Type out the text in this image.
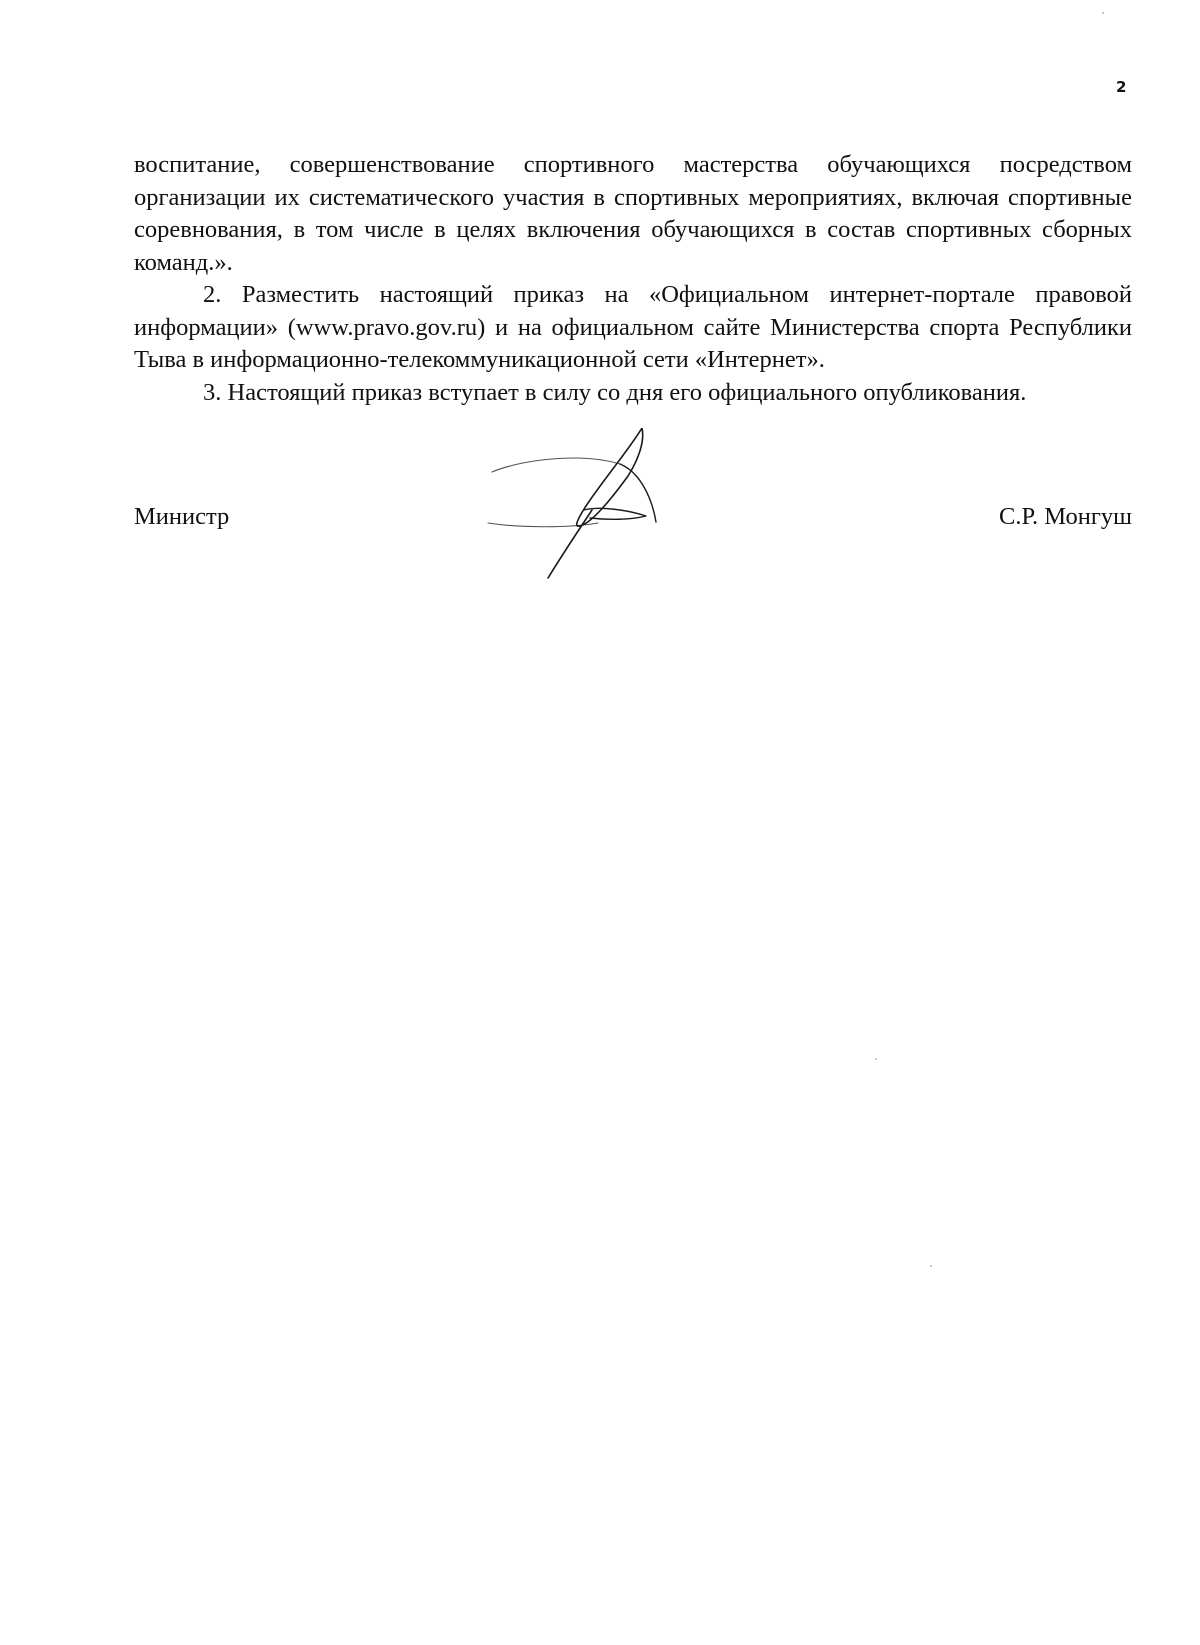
2

воспитание, совершенствование спортивного мастерства обучающихся посредством организации их систематического участия в спортивных мероприятиях, включая спортивные соревнования, в том числе в целях включения обучающихся в состав спортивных сборных команд.».

2. Разместить настоящий приказ на «Официальном интернет-портале правовой информации» (www.pravo.gov.ru) и на официальном сайте Министерства спорта Республики Тыва в информационно-телекоммуникационной сети «Интернет».

3. Настоящий приказ вступает в силу со дня его официального опубликования.

Министр	С.Р. Монгуш
